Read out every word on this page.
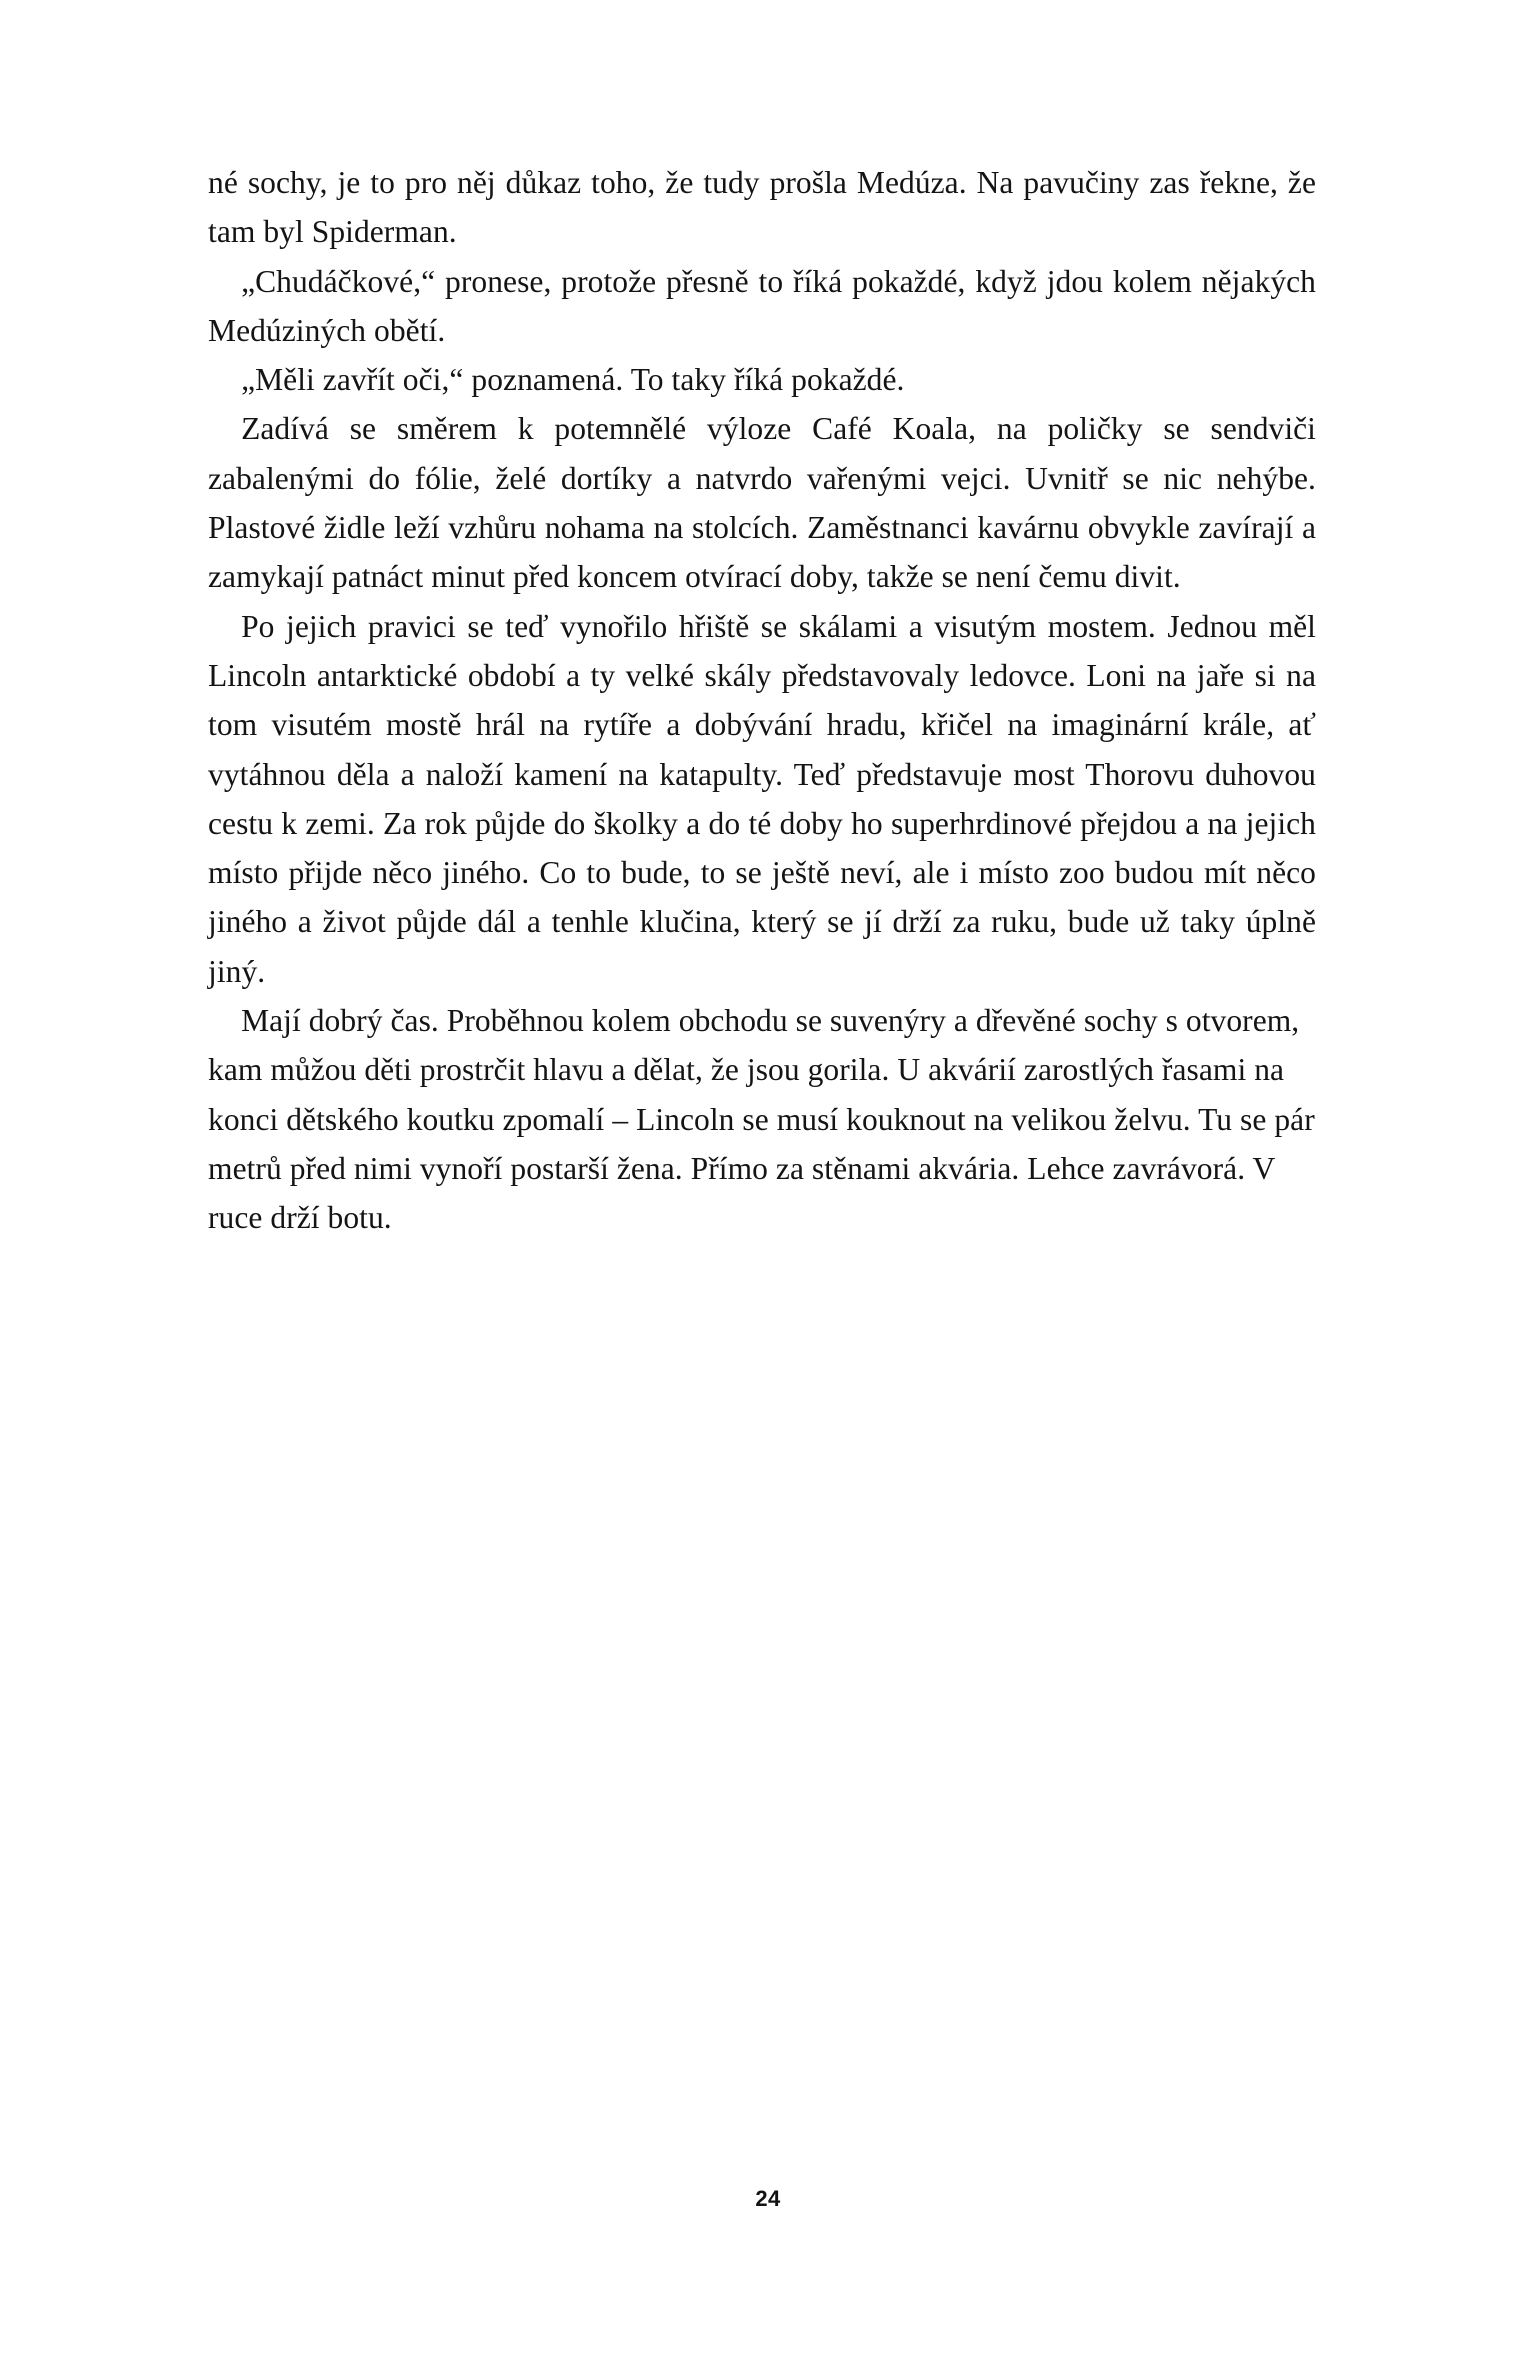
né sochy, je to pro něj důkaz toho, že tudy prošla Medúza. Na pavučiny zas řekne, že tam byl Spiderman.

„Chudáčkové,“ pronese, protože přesně to říká pokaždé, když jdou kolem nějakých Medúziných obětí.

„Měli zavřít oči,“ poznamená. To taky říká pokaždé.

Zadívá se směrem k potemnělé výloze Café Koala, na poličky se sendviči zabalenými do fólie, želé dortíky a natvrdo vařenými vejci. Uvnitř se nic nehýbe. Plastové židle leží vzhůru nohama na stolcích. Zaměstnanci kavárnu obvykle zavírají a zamykají patnáct minut před koncem otvírací doby, takže se není čemu divit.

Po jejich pravici se teď vynořilo hřiště se skálami a visutým mostem. Jednou měl Lincoln antarktické období a ty velké skály představovaly ledovce. Loni na jaře si na tom visutém mostě hrál na rytíře a dobývání hradu, křičel na imaginární krále, ať vytáhnou děla a naloží kamení na katapulty. Teď představuje most Thorovu duhovou cestu k zemi. Za rok půjde do školky a do té doby ho superhrdinové přejdou a na jejich místo přijde něco jiného. Co to bude, to se ještě neví, ale i místo zoo budou mít něco jiného a život půjde dál a tenhle klučina, který se jí drží za ruku, bude už taky úplně jiný.

Mají dobrý čas. Proběhnou kolem obchodu se suvenýry a dřevěné sochy s otvorem, kam můžou děti prostrčit hlavu a dělat, že jsou gorila. U akvárií zarostlých řasami na konci dětského koutku zpomalí – Lincoln se musí kouknout na velikou želvu. Tu se pár metrů před nimi vynoří postarší žena. Přímo za stěnami akvária. Lehce zavrávorá. V ruce drží botu.

24
